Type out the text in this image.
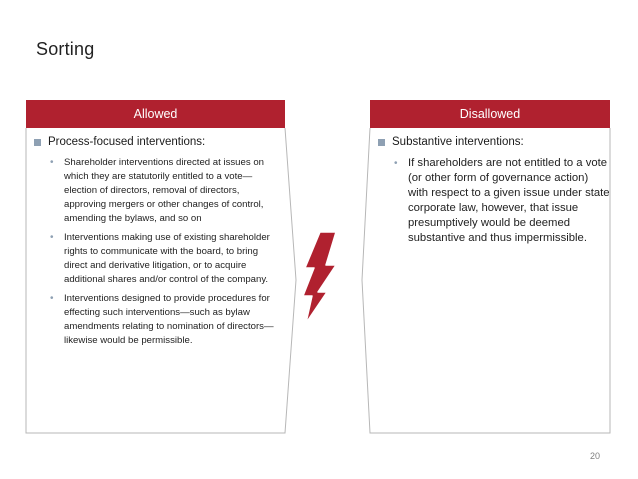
Sorting
Allowed	Disallowed
Process-focused interventions:
• Shareholder interventions directed at issues on which they are statutorily entitled to a vote—election of directors, removal of directors, approving mergers or other changes of control, amending the bylaws, and so on
• Interventions making use of existing shareholder rights to communicate with the board, to bring direct and derivative litigation, or to acquire additional shares and/or control of the company.
• Interventions designed to provide procedures for effecting such interventions—such as bylaw amendments relating to nomination of directors—likewise would be permissible.
Substantive interventions:
• If shareholders are not entitled to a vote (or other form of governance action) with respect to a given issue under state corporate law, however, that issue presumptively would be deemed substantive and thus impermissible.
20
